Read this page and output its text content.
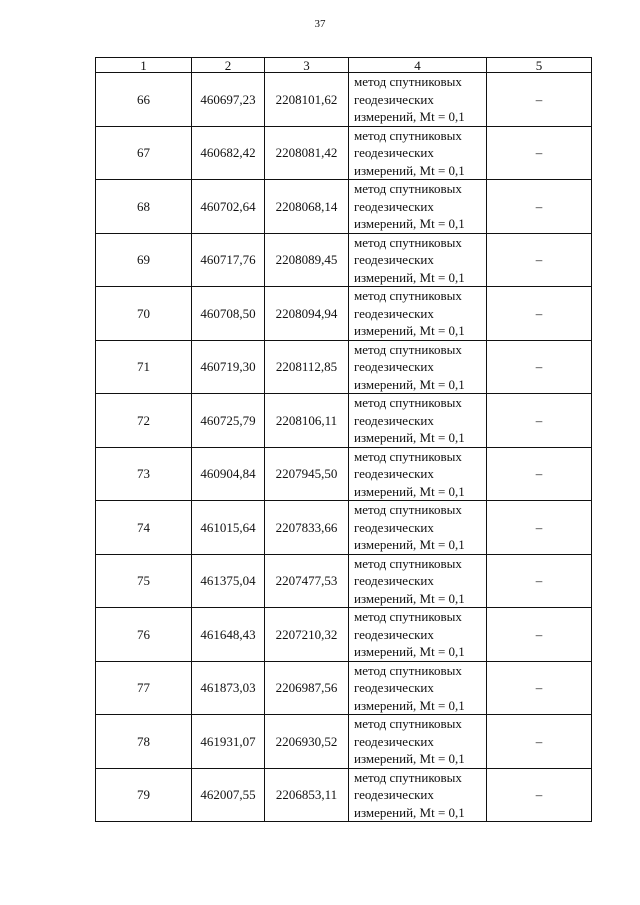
37
1	2	3	4	5
66	460697,23	2208101,62	метод спутниковых
геодезических
измерений, Mt = 0,1	–
67	460682,42	2208081,42	метод спутниковых
геодезических
измерений, Mt = 0,1	–
68	460702,64	2208068,14	метод спутниковых
геодезических
измерений, Mt = 0,1	–
69	460717,76	2208089,45	метод спутниковых
геодезических
измерений, Mt = 0,1	–
70	460708,50	2208094,94	метод спутниковых
геодезических
измерений, Mt = 0,1	–
71	460719,30	2208112,85	метод спутниковых
геодезических
измерений, Mt = 0,1	–
72	460725,79	2208106,11	метод спутниковых
геодезических
измерений, Mt = 0,1	–
73	460904,84	2207945,50	метод спутниковых
геодезических
измерений, Mt = 0,1	–
74	461015,64	2207833,66	метод спутниковых
геодезических
измерений, Mt = 0,1	–
75	461375,04	2207477,53	метод спутниковых
геодезических
измерений, Mt = 0,1	–
76	461648,43	2207210,32	метод спутниковых
геодезических
измерений, Mt = 0,1	–
77	461873,03	2206987,56	метод спутниковых
геодезических
измерений, Mt = 0,1	–
78	461931,07	2206930,52	метод спутниковых
геодезических
измерений, Mt = 0,1	–
79	462007,55	2206853,11	метод спутниковых
геодезических
измерений, Mt = 0,1	–
